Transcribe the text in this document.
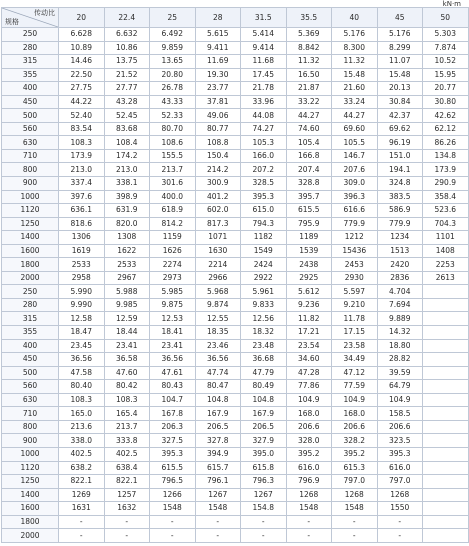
kN·m
传动比
规格	20	22.4	25	28	31.5	35.5	40	45	50
250	6.628	6.632	6.492	5.615	5.414	5.369	5.176	5.176	5.303
280	10.89	10.86	9.859	9.411	9.414	8.842	8.300	8.299	7.874
315	14.46	13.75	13.65	11.69	11.68	11.32	11.32	11.07	10.52
355	22.50	21.52	20.80	19.30	17.45	16.50	15.48	15.48	15.95
400	27.75	27.77	26.78	23.77	21.78	21.87	21.60	20.13	20.77
450	44.22	43.28	43.33	37.81	33.96	33.22	33.24	30.84	30.80
500	52.40	52.45	52.33	49.06	44.08	44.27	44.27	42.37	42.62
560	83.54	83.68	80.70	80.77	74.27	74.60	69.60	69.62	62.12
630	108.3	108.4	108.6	108.8	105.3	105.4	105.5	96.19	86.26
710	173.9	174.2	155.5	150.4	166.0	166.8	146.7	151.0	134.8
800	213.0	213.0	213.7	214.2	207.2	207.4	207.6	194.1	173.9
900	337.4	338.1	301.6	300.9	328.5	328.8	309.0	324.8	290.9
1000	397.6	398.9	400.0	401.2	395.3	395.7	396.3	383.5	358.4
1120	636.1	631.9	618.9	602.0	615.0	615.5	616.6	586.9	523.6
1250	818.6	820.0	814.2	817.3	794.3	795.9	779.9	779.9	704.3
1400	1306	1308	1159	1071	1182	1189	1212	1234	1101
1600	1619	1622	1626	1630	1549	1539	15436	1513	1408
1800	2533	2533	2274	2214	2424	2438	2453	2420	2253
2000	2958	2967	2973	2966	2922	2925	2930	2836	2613
250	5.990	5.988	5.985	5.968	5.961	5.612	5.597	4.704	
280	9.990	9.985	9.875	9.874	9.833	9.236	9.210	7.694	
315	12.58	12.59	12.53	12.55	12.56	11.82	11.78	9.889	
355	18.47	18.44	18.41	18.35	18.32	17.21	17.15	14.32	
400	23.45	23.41	23.41	23.46	23.48	23.54	23.58	18.80	
450	36.56	36.58	36.56	36.56	36.68	34.60	34.49	28.82	
500	47.58	47.60	47.61	47.74	47.79	47.28	47.12	39.59	
560	80.40	80.42	80.43	80.47	80.49	77.86	77.59	64.79	
630	108.3	108.3	104.7	104.8	104.8	104.9	104.9	104.9	
710	165.0	165.4	167.8	167.9	167.9	168.0	168.0	158.5	
800	213.6	213.7	206.3	206.5	206.5	206.6	206.6	206.6	
900	338.0	333.8	327.5	327.8	327.9	328.0	328.2	323.5	
1000	402.5	402.5	395.3	394.9	395.0	395.2	395.2	395.3	
1120	638.2	638.4	615.5	615.7	615.8	616.0	615.3	616.0	
1250	822.1	822.1	796.5	796.1	796.3	796.9	797.0	797.0	
1400	1269	1257	1266	1267	1267	1268	1268	1268	
1600	1631	1632	1548	1548	154.8	1548	1548	1550	
1800	-	-	-	-	-	-	-	-	
2000	-	-	-	-	-	-	-	-	
